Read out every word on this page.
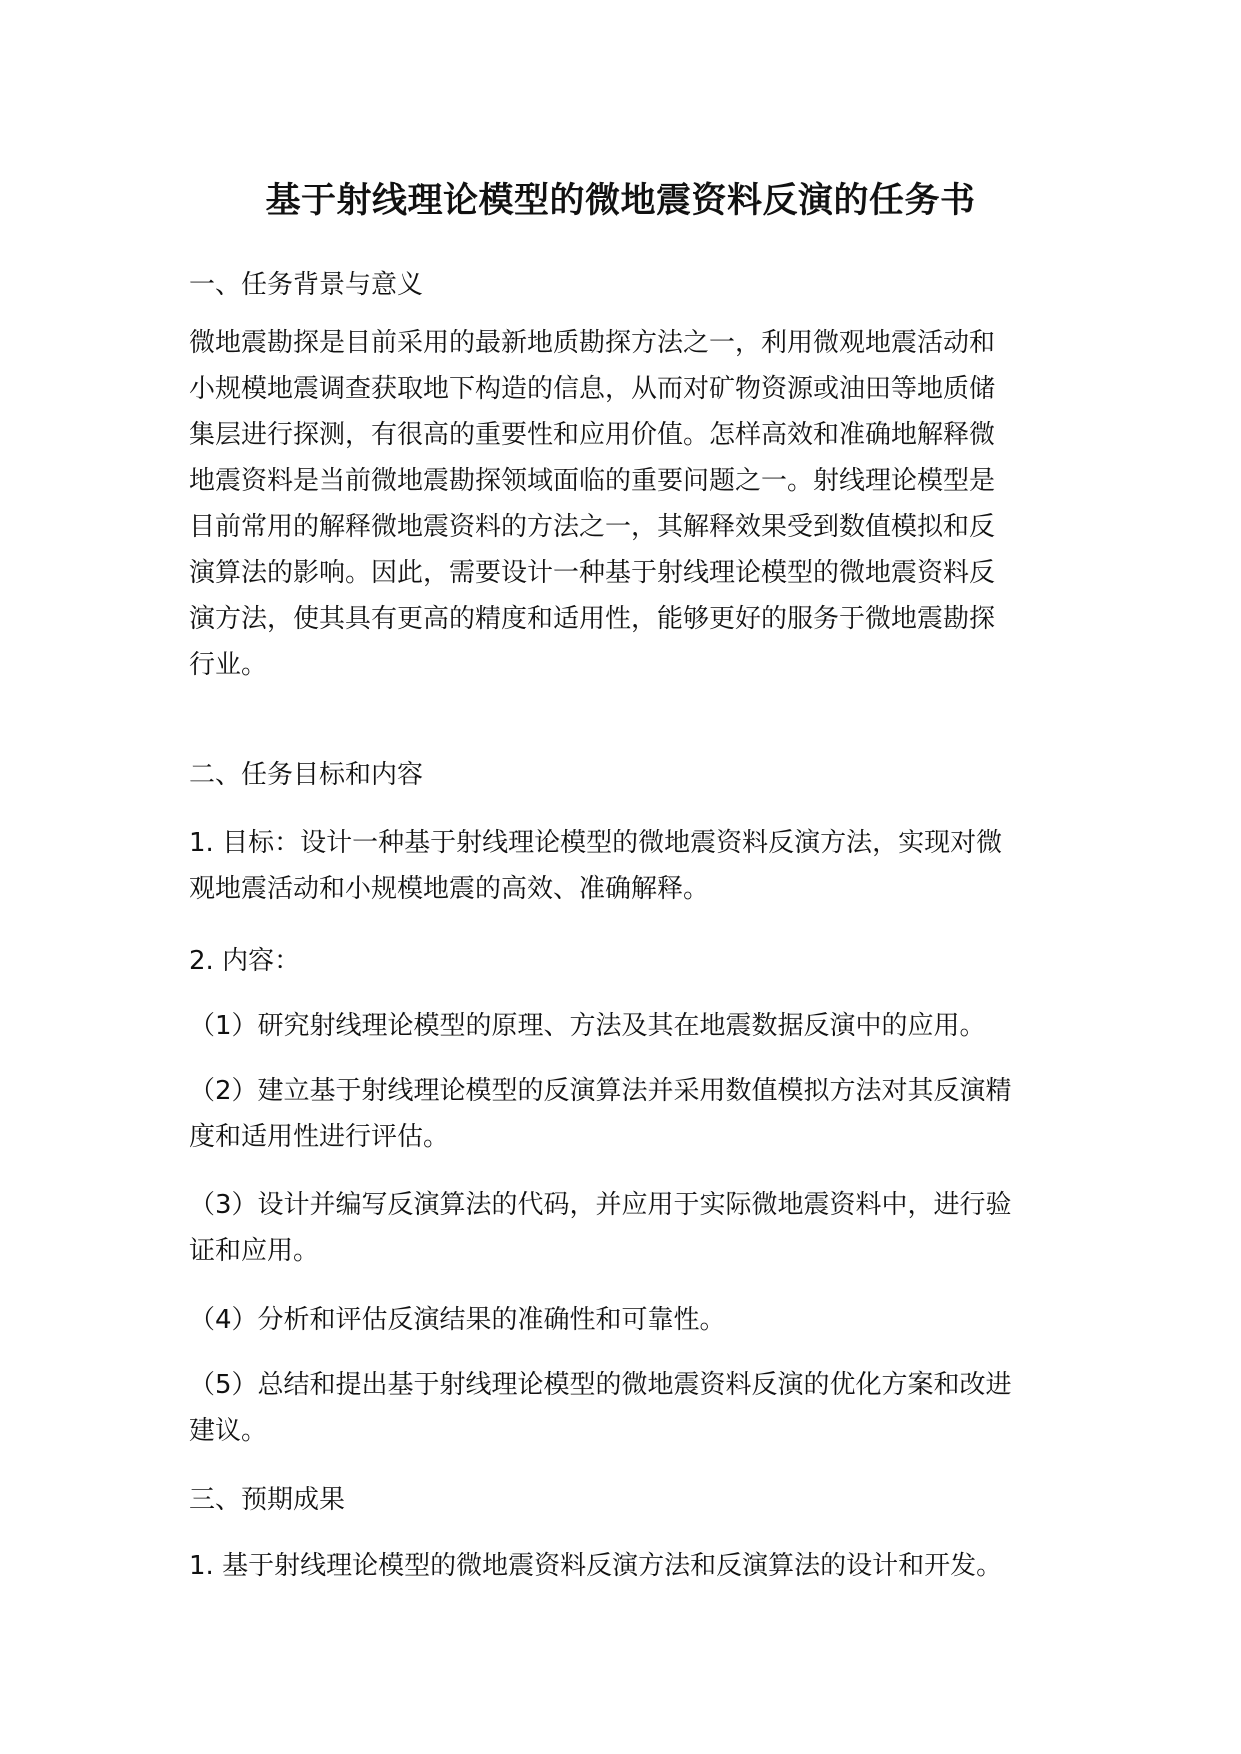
基于射线理论模型的微地震资料反演的任务书

一、任务背景与意义

微地震勘探是目前采用的最新地质勘探方法之一，利用微观地震活动和
小规模地震调查获取地下构造的信息，从而对矿物资源或油田等地质储
集层进行探测，有很高的重要性和应用价值。怎样高效和准确地解释微
地震资料是当前微地震勘探领域面临的重要问题之一。射线理论模型是
目前常用的解释微地震资料的方法之一，其解释效果受到数值模拟和反
演算法的影响。因此，需要设计一种基于射线理论模型的微地震资料反
演方法，使其具有更高的精度和适用性，能够更好的服务于微地震勘探
行业。

二、任务目标和内容

1. 目标：设计一种基于射线理论模型的微地震资料反演方法，实现对微
观地震活动和小规模地震的高效、准确解释。

2. 内容：

（1）研究射线理论模型的原理、方法及其在地震数据反演中的应用。
（2）建立基于射线理论模型的反演算法并采用数值模拟方法对其反演精
度和适用性进行评估。
（3）设计并编写反演算法的代码，并应用于实际微地震资料中，进行验
证和应用。
（4）分析和评估反演结果的准确性和可靠性。
（5）总结和提出基于射线理论模型的微地震资料反演的优化方案和改进
建议。

三、预期成果

1. 基于射线理论模型的微地震资料反演方法和反演算法的设计和开发。
